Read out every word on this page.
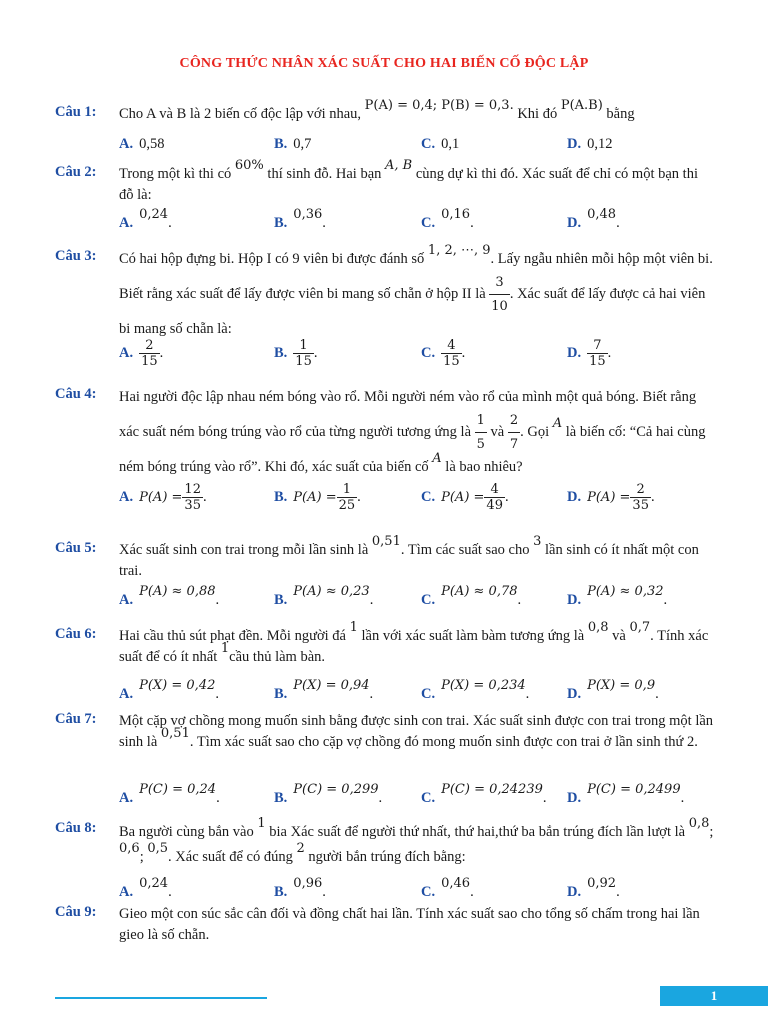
CÔNG THỨC NHÂN XÁC SUẤT CHO HAI BIẾN CỐ ĐỘC LẬP
Câu 1:	Cho A và B là 2 biến cố độc lập với nhau, P(A) = 0,4; P(B) = 0,3. Khi đó P(A.B) bằng
A. 0,58	B. 0,7	C. 0,1	D. 0,12
Câu 2:	Trong một kì thi có 60% thí sinh đỗ. Hai bạn A, B cùng dự kì thi đó. Xác suất để chỉ có một bạn thi đỗ là:
A.0,24.	B.0,36.	C.0,16.	D.0,48.
Câu 3:	Có hai hộp đựng bi. Hộp I có 9 viên bi được đánh số 1, 2, ⋯, 9. Lấy ngẫu nhiên mỗi hộp một viên bi. Biết rằng xác suất để lấy được viên bi mang số chẵn ở hộp II là $\frac{3}{10}$ . Xác suất để lấy được cả hai viên bi mang số chẵn là:
A. $\frac{2}{15}$ .	B. $\frac{1}{15}$ .	C. $\frac{4}{15}$ .	D. $\frac{7}{15}$ .
Câu 4:	Hai người độc lập nhau ném bóng vào rổ. Mỗi người ném vào rổ của mình một quả bóng. Biết rằng xác suất ném bóng trúng vào rổ của từng người tương ứng là $\frac{1}{5}$ và $\frac{2}{7}$ . Gọi A là biến cố: “Cả hai cùng ném bóng trúng vào rổ”. Khi đó, xác suất của biến cố A là bao nhiêu?
A. $P(A) = \frac{12}{35}$ .	B. $P(A) = \frac{1}{25}$ .	C. $P(A) = \frac{4}{49}$ .	D. $P(A) = \frac{2}{35}$ .
Câu 5:	Xác suất sinh con trai trong mỗi lần sinh là 0,51. Tìm các suất sao cho 3 lần sinh có ít nhất một con trai.
A.P(A) ≈ 0,88.	B.P(A) ≈ 0,23.	C.P(A) ≈ 0,78.	D.P(A) ≈ 0,32.
Câu 6:	Hai cầu thủ sút phạt đền. Mỗi người đá 1 lần với xác suất làm bàm tương ứng là 0,8 và 0,7. Tính xác suất để có ít nhất 1cầu thủ làm bàn.
A.P(X) = 0,42.	B.P(X) = 0,94.	C.P(X) = 0,234.	D.P(X) = 0,9.
Câu 7:	Một cặp vợ chồng mong muốn sinh bằng được sinh con trai. Xác suất sinh được con trai trong một lần sinh là 0,51. Tìm xác suất sao cho cặp vợ chồng đó mong muốn sinh được con trai ở lần sinh thứ 2.
A.P(C) = 0,24.	B.P(C) = 0,299.	C.P(C) = 0,24239. D.P(C) = 0,2499.
Câu 8:	Ba người cùng bắn vào 1 bia Xác suất để người thứ nhất, thứ hai,thứ ba bắn trúng đích lần lượt là 0,8; 0,6; 0,5. Xác suất để có đúng 2 người bắn trúng đích bằng:
A.0,24.	B.0,96.	C.0,46.	D.0,92.
Câu 9:	Gieo một con súc sắc cân đối và đồng chất hai lần. Tính xác suất sao cho tổng số chấm trong hai lần gieo là số chẵn.
1
